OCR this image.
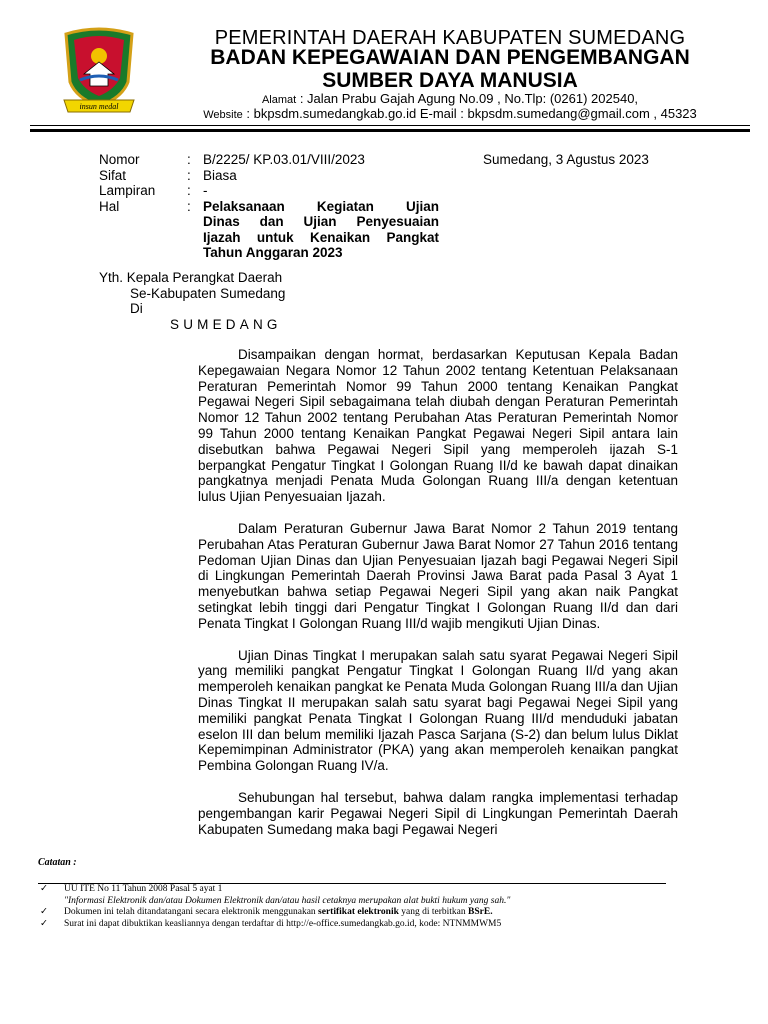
insun medal
PEMERINTAH DAERAH KABUPATEN SUMEDANG
BADAN KEPEGAWAIAN DAN PENGEMBANGAN
SUMBER DAYA MANUSIA
Alamat : Jalan Prabu Gajah Agung No.09 , No.Tlp: (0261) 202540,
Website : bkpsdm.sumedangkab.go.id E-mail : bkpsdm.sumedang@gmail.com , 45323
Nomor	: B/2225/ KP.03.01/VIII/2023
Sifat	: Biasa
Lampiran	: -
Hal	: Pelaksanaan Kegiatan Ujian
Dinas dan Ujian Penyesuaian
Ijazah untuk Kenaikan Pangkat
Tahun Anggaran 2023
Sumedang, 3 Agustus 2023
Yth. Kepala Perangkat Daerah
Se-Kabupaten Sumedang
Di
SUMEDANG

Disampaikan dengan hormat, berdasarkan Keputusan Kepala Badan Kepegawaian Negara Nomor 12 Tahun 2002 tentang Ketentuan Pelaksanaan Peraturan Pemerintah Nomor 99 Tahun 2000 tentang Kenaikan Pangkat Pegawai Negeri Sipil sebagaimana telah diubah dengan Peraturan Pemerintah Nomor 12 Tahun 2002 tentang Perubahan Atas Peraturan Pemerintah Nomor 99 Tahun 2000 tentang Kenaikan Pangkat Pegawai Negeri Sipil antara lain disebutkan bahwa Pegawai Negeri Sipil yang memperoleh ijazah S-1 berpangkat Pengatur Tingkat I Golongan Ruang II/d ke bawah dapat dinaikan pangkatnya menjadi Penata Muda Golongan Ruang III/a dengan ketentuan lulus Ujian Penyesuaian Ijazah.

Dalam Peraturan Gubernur Jawa Barat Nomor 2 Tahun 2019 tentang Perubahan Atas Peraturan Gubernur Jawa Barat Nomor 27 Tahun 2016 tentang Pedoman Ujian Dinas dan Ujian Penyesuaian Ijazah bagi Pegawai Negeri Sipil di Lingkungan Pemerintah Daerah Provinsi Jawa Barat pada Pasal 3 Ayat 1 menyebutkan bahwa setiap Pegawai Negeri Sipil yang akan naik Pangkat setingkat lebih tinggi dari Pengatur Tingkat I Golongan Ruang II/d dan dari Penata Tingkat I Golongan Ruang III/d wajib mengikuti Ujian Dinas.

Ujian Dinas Tingkat I merupakan salah satu syarat Pegawai Negeri Sipil yang memiliki pangkat Pengatur Tingkat I Golongan Ruang II/d yang akan memperoleh kenaikan pangkat ke Penata Muda Golongan Ruang III/a dan Ujian Dinas Tingkat II merupakan salah satu syarat bagi Pegawai Negei Sipil yang memiliki pangkat Penata Tingkat I Golongan Ruang III/d menduduki jabatan eselon III dan belum memiliki Ijazah Pasca Sarjana (S-2) dan belum lulus Diklat Kepemimpinan Administrator (PKA) yang akan memperoleh kenaikan pangkat Pembina Golongan Ruang IV/a.

Sehubungan hal tersebut, bahwa dalam rangka implementasi terhadap pengembangan karir Pegawai Negeri Sipil di Lingkungan Pemerintah Daerah Kabupaten Sumedang maka bagi Pegawai Negeri

Catatan :
✓	UU ITE No 11 Tahun 2008 Pasal 5 ayat 1
"Informasi Elektronik dan/atau Dokumen Elektronik dan/atau hasil cetaknya merupakan alat bukti hukum yang sah."
✓	Dokumen ini telah ditandatangani secara elektronik menggunakan sertifikat elektronik yang di terbitkan BSrE.
✓	Surat ini dapat dibuktikan keasliannya dengan terdaftar di http://e-office.sumedangkab.go.id, kode: NTNMMWM5
